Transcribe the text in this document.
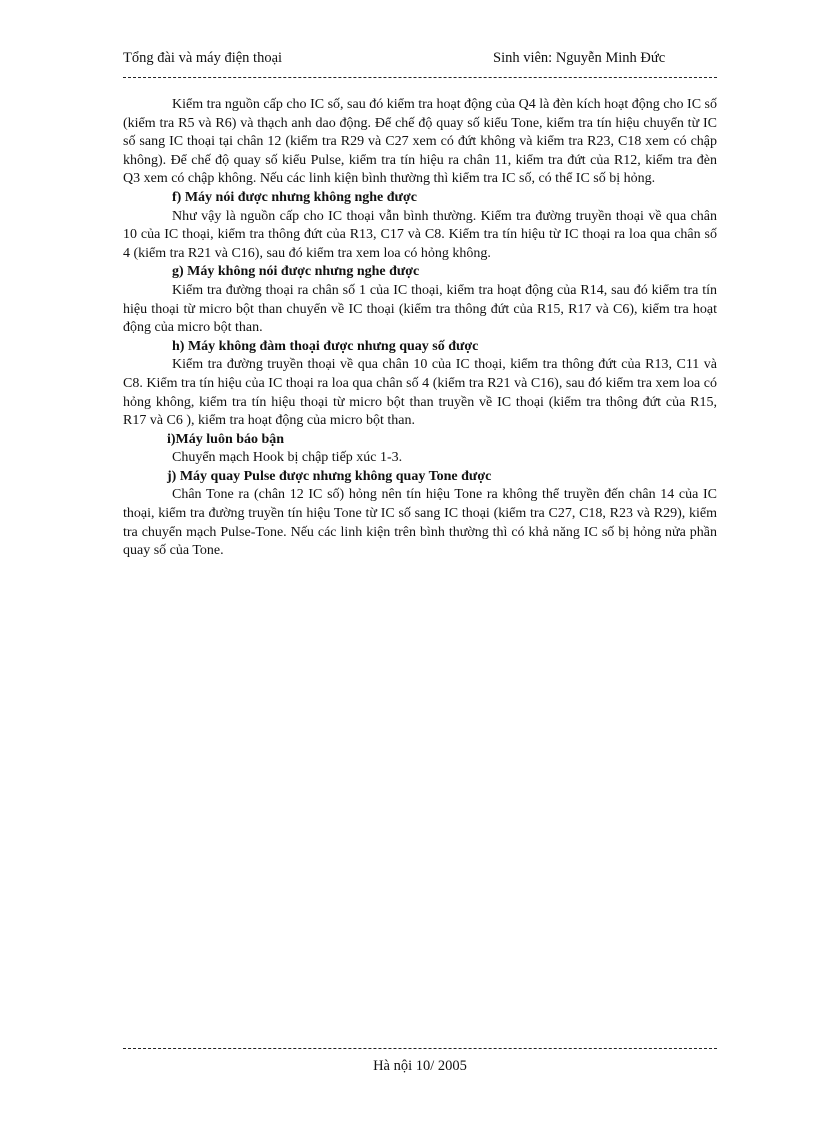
Tổng đài và máy điện thoại	Sinh viên: Nguyễn Minh Đức

Kiểm tra nguồn cấp cho IC số, sau đó kiểm tra hoạt động của Q4 là đèn kích hoạt động cho IC số (kiểm tra R5 và R6) và thạch anh dao động. Để chế độ quay số kiểu Tone, kiểm tra tín hiệu chuyển từ IC số sang IC thoại tại chân 12 (kiểm tra R29 và C27 xem có đứt không và kiểm tra R23, C18 xem có chập không). Để chế độ quay số kiểu Pulse, kiểm tra tín hiệu ra chân 11, kiểm tra đứt của R12, kiểm tra đèn Q3 xem có chập không. Nếu các linh kiện bình thường thì kiểm tra IC số, có thể IC số bị hỏng.

f) Máy nói được nhưng không nghe được

Như vậy là nguồn cấp cho IC thoại vẫn bình thường. Kiểm tra đường truyền thoại về qua chân 10 của IC thoại, kiểm tra thông đứt của R13, C17 và C8. Kiểm tra tín hiệu từ IC thoại ra loa qua chân số 4 (kiểm tra R21 và C16), sau đó kiểm tra xem loa có hỏng không.

g) Máy không nói được nhưng nghe được

Kiểm tra đường thoại ra chân số 1 của IC thoại, kiểm tra hoạt động của R14, sau đó kiểm tra tín hiệu thoại từ micro bột than chuyển về IC thoại (kiểm tra thông đứt của R15, R17 và C6), kiểm tra hoạt động của micro bột than.

h) Máy không đàm thoại được nhưng quay số được

Kiểm tra đường truyền thoại về qua chân 10 của IC thoại, kiểm tra thông đứt của R13, C11 và C8. Kiểm tra tín hiệu của IC thoại ra loa qua chân số 4 (kiểm tra R21 và C16), sau đó kiểm tra xem loa có hỏng không, kiểm tra tín hiệu thoại từ micro bột than truyền về IC thoại (kiểm tra thông đứt của R15, R17 và C6 ), kiểm tra hoạt động của micro bột than.

i)Máy luôn báo bận

Chuyển mạch Hook bị chập tiếp xúc 1-3.

j) Máy quay Pulse được nhưng không quay Tone được

Chân Tone ra (chân 12 IC số) hỏng nên tín hiệu Tone ra không thể truyền đến chân 14 của IC thoại, kiểm tra đường truyền tín hiệu Tone từ IC số sang IC thoại (kiểm tra C27, C18, R23 và R29), kiểm tra chuyển mạch Pulse-Tone. Nếu các linh kiện trên bình thường thì có khả năng IC số bị hỏng nửa phần quay số của Tone.

Hà nội 10/ 2005
